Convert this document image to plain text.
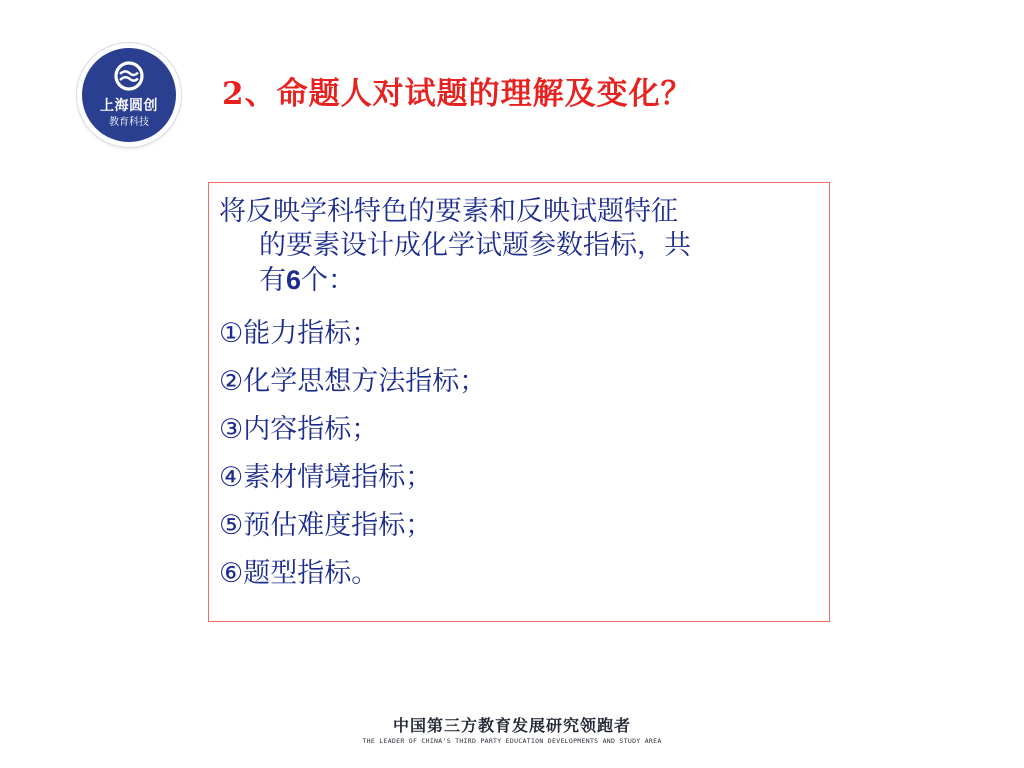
上海圆创
教育科技
2、命题人对试题的理解及变化？
将反映学科特色的要素和反映试题特征
的要素设计成化学试题参数指标，共
有6个：
①能力指标；
②化学思想方法指标；
③内容指标；
④素材情境指标；
⑤预估难度指标；
⑥题型指标。
中国第三方教育发展研究领跑者
THE LEADER OF CHINA'S THIRD PARTY EDUCATION DEVELOPMENTS AND STUDY AREA
